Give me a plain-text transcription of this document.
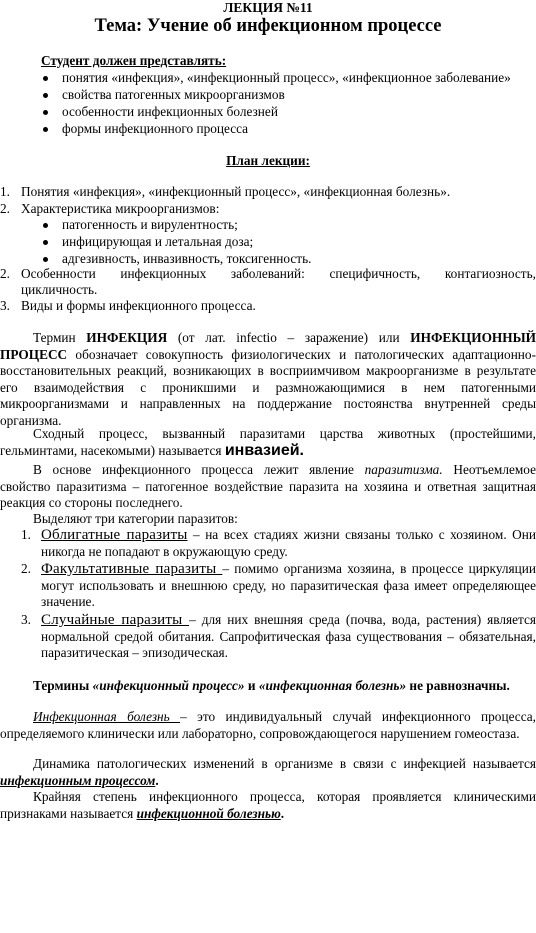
ЛЕКЦИЯ №11
Тема: Учение об инфекционном процессе
Студент должен представлять:
понятия «инфекция», «инфекционный процесс», «инфекционное заболевание»
свойства патогенных микроорганизмов
особенности инфекционных болезней
формы инфекционного процесса
План лекции:
1. Понятия «инфекция», «инфекционный процесс», «инфекционная болезнь».
2. Характеристика микроорганизмов:
патогенность и вирулентность;
инфицирующая и летальная доза;
адгезивность, инвазивность, токсигенность.
2. Особенности инфекционных заболеваний: специфичность, контагиозность,
цикличность.
3. Виды и формы инфекционного процесса.
Термин ИНФЕКЦИЯ (от лат. infectio – заражение) или ИНФЕКЦИОННЫЙ ПРОЦЕСС обозначает совокупность физиологических и патологических адаптационно-восстановительных реакций, возникающих в восприимчивом макроорганизме в результате его взаимодействия с проникшими и размножающимися в нем патогенными микроорганизмами и направленных на поддержание постоянства внутренней среды организма.
Сходный процесс, вызванный паразитами царства животных (простейшими, гельминтами, насекомыми) называется инвазией.
В основе инфекционного процесса лежит явление паразитизма. Неотъемлемое свойство паразитизма – патогенное воздействие паразита на хозяина и ответная защитная реакция со стороны последнего.
Выделяют три категории паразитов:
1. Облигатные паразиты – на всех стадиях жизни связаны только с хозяином. Они никогда не попадают в окружающую среду.
2. Факультативные паразиты – помимо организма хозяина, в процессе циркуляции могут использовать и внешнюю среду, но паразитическая фаза имеет определяющее значение.
3. Случайные паразиты – для них внешняя среда (почва, вода, растения) является нормальной средой обитания. Сапрофитическая фаза существования – обязательная, паразитическая – эпизодическая.
Термины «инфекционный процесс» и «инфекционная болезнь» не равнозначны.
Инфекционная болезнь – это индивидуальный случай инфекционного процесса, определяемого клинически или лабораторно, сопровождающегося нарушением гомеостаза.
Динамика патологических изменений в организме в связи с инфекцией называется инфекционным процессом.
Крайняя степень инфекционного процесса, которая проявляется клиническими признаками называется инфекционной болезнью.
